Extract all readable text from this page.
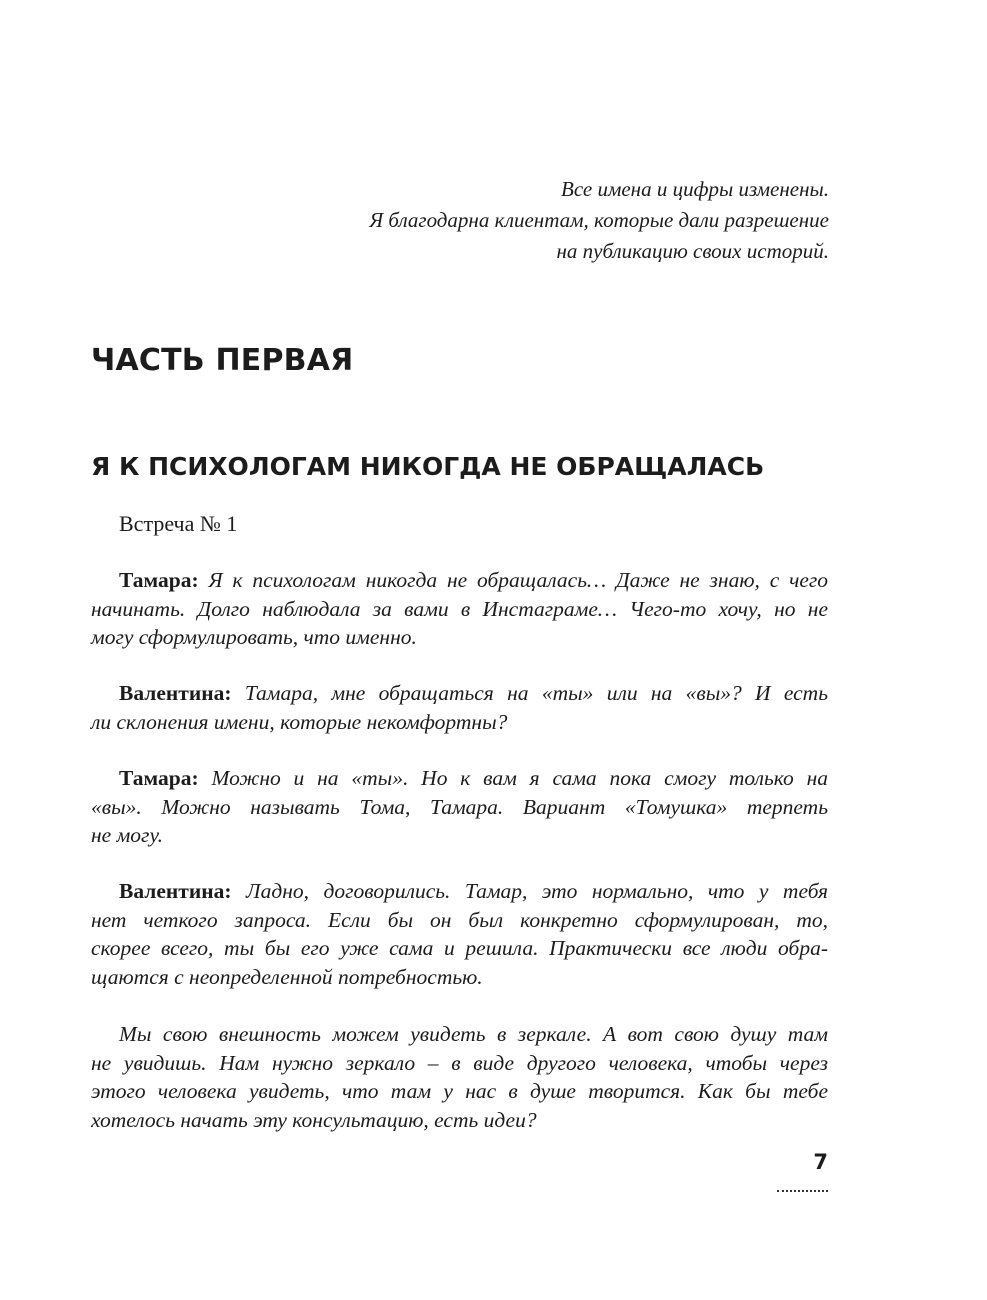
Все имена и цифры изменены.
Я благодарна клиентам, которые дали разрешение
на публикацию своих историй.
ЧАСТЬ ПЕРВАЯ
Я К ПСИХОЛОГАМ НИКОГДА НЕ ОБРАЩАЛАСЬ
Встреча № 1
Тамара: Я к психологам никогда не обращалась… Даже не знаю, с чего
начинать. Долго наблюдала за вами в Инстаграме… Чего-то хочу, но не
могу сформулировать, что именно.
Валентина: Тамара, мне обращаться на «ты» или на «вы»? И есть
ли склонения имени, которые некомфортны?
Тамара: Можно и на «ты». Но к вам я сама пока смогу только на
«вы». Можно называть Тома, Тамара. Вариант «Томушка» терпеть
не могу.
Валентина: Ладно, договорились. Тамар, это нормально, что у тебя
нет четкого запроса. Если бы он был конкретно сформулирован, то,
скорее всего, ты бы его уже сама и решила. Практически все люди обра-
щаются с неопределенной потребностью.
Мы свою внешность можем увидеть в зеркале. А вот свою душу там
не увидишь. Нам нужно зеркало – в виде другого человека, чтобы через
этого человека увидеть, что там у нас в душе творится. Как бы тебе
хотелось начать эту консультацию, есть идеи?
7
